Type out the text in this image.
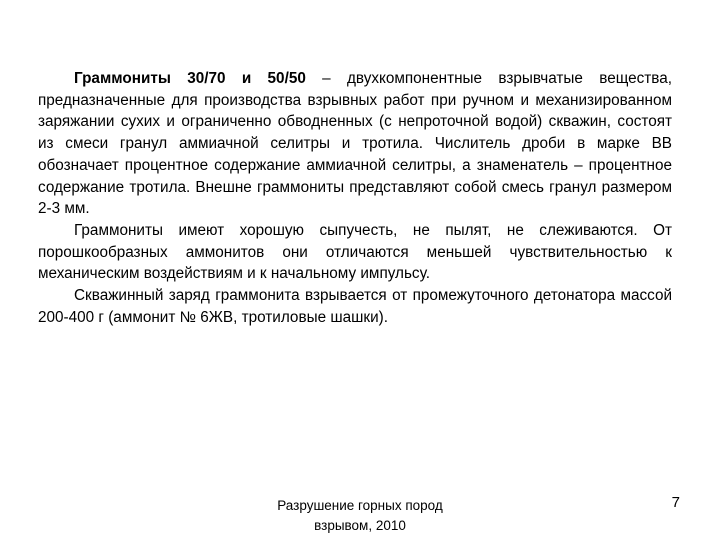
Граммониты 30/70 и 50/50 – двухкомпонентные взрывчатые вещества, предназначенные для производства взрывных работ при ручном и механизированном заряжании сухих и ограниченно обводненных (с непроточной водой) скважин, состоят из смеси гранул аммиачной селитры и тротила. Числитель дроби в марке ВВ обозначает процентное содержание аммиачной селитры, а знаменатель – процентное содержание тротила. Внешне граммониты представляют собой смесь гранул размером 2-3 мм.

Граммониты имеют хорошую сыпучесть, не пылят, не слеживаются. От порошкообразных аммонитов они отличаются меньшей чувствительностью к механическим воздействиям и к начальному импульсу.

Скважинный заряд граммонита взрывается от промежуточного детонатора массой 200-400 г (аммонит № 6ЖВ, тротиловые шашки).

Разрушение горных пород
взрывом, 2010
7
